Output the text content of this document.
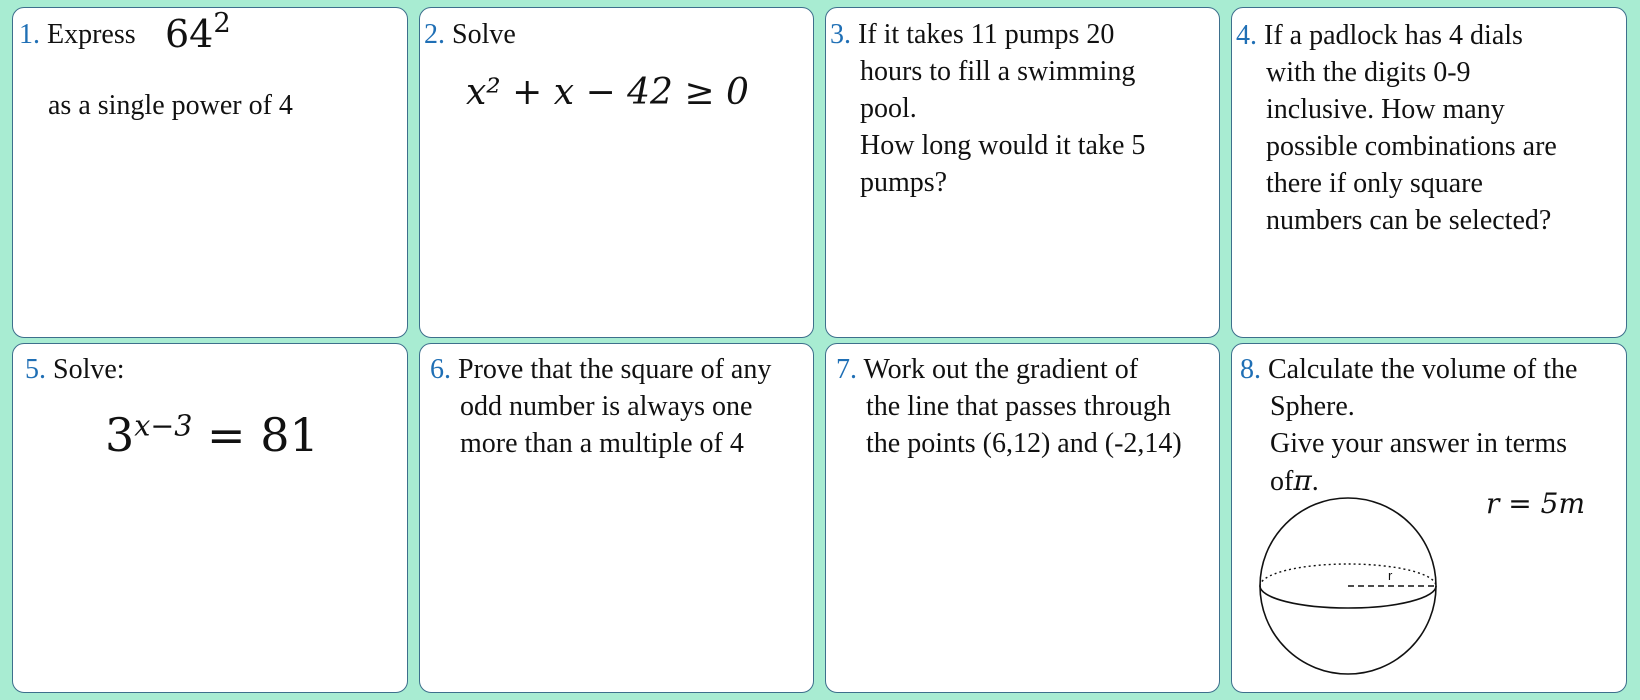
1. Express $64^2$
as a single power of 4
2. Solve
x² + x − 42 ≥ 0
3. If it takes 11 pumps 20
hours to fill a swimming
pool.
How long would it take 5
pumps?
4. If a padlock has 4 dials
with the digits 0-9
inclusive. How many
possible combinations are
there if only square
numbers can be selected?
5. Solve:
$3^{x-3} = 81$
6. Prove that the square of any
odd number is always one
more than a multiple of 4
7. Work out the gradient of
the line that passes through
the points (6,12) and (-2,14)
8. Calculate the volume of the
Sphere.
Give your answer in terms
ofπ.
r = 5m
r
